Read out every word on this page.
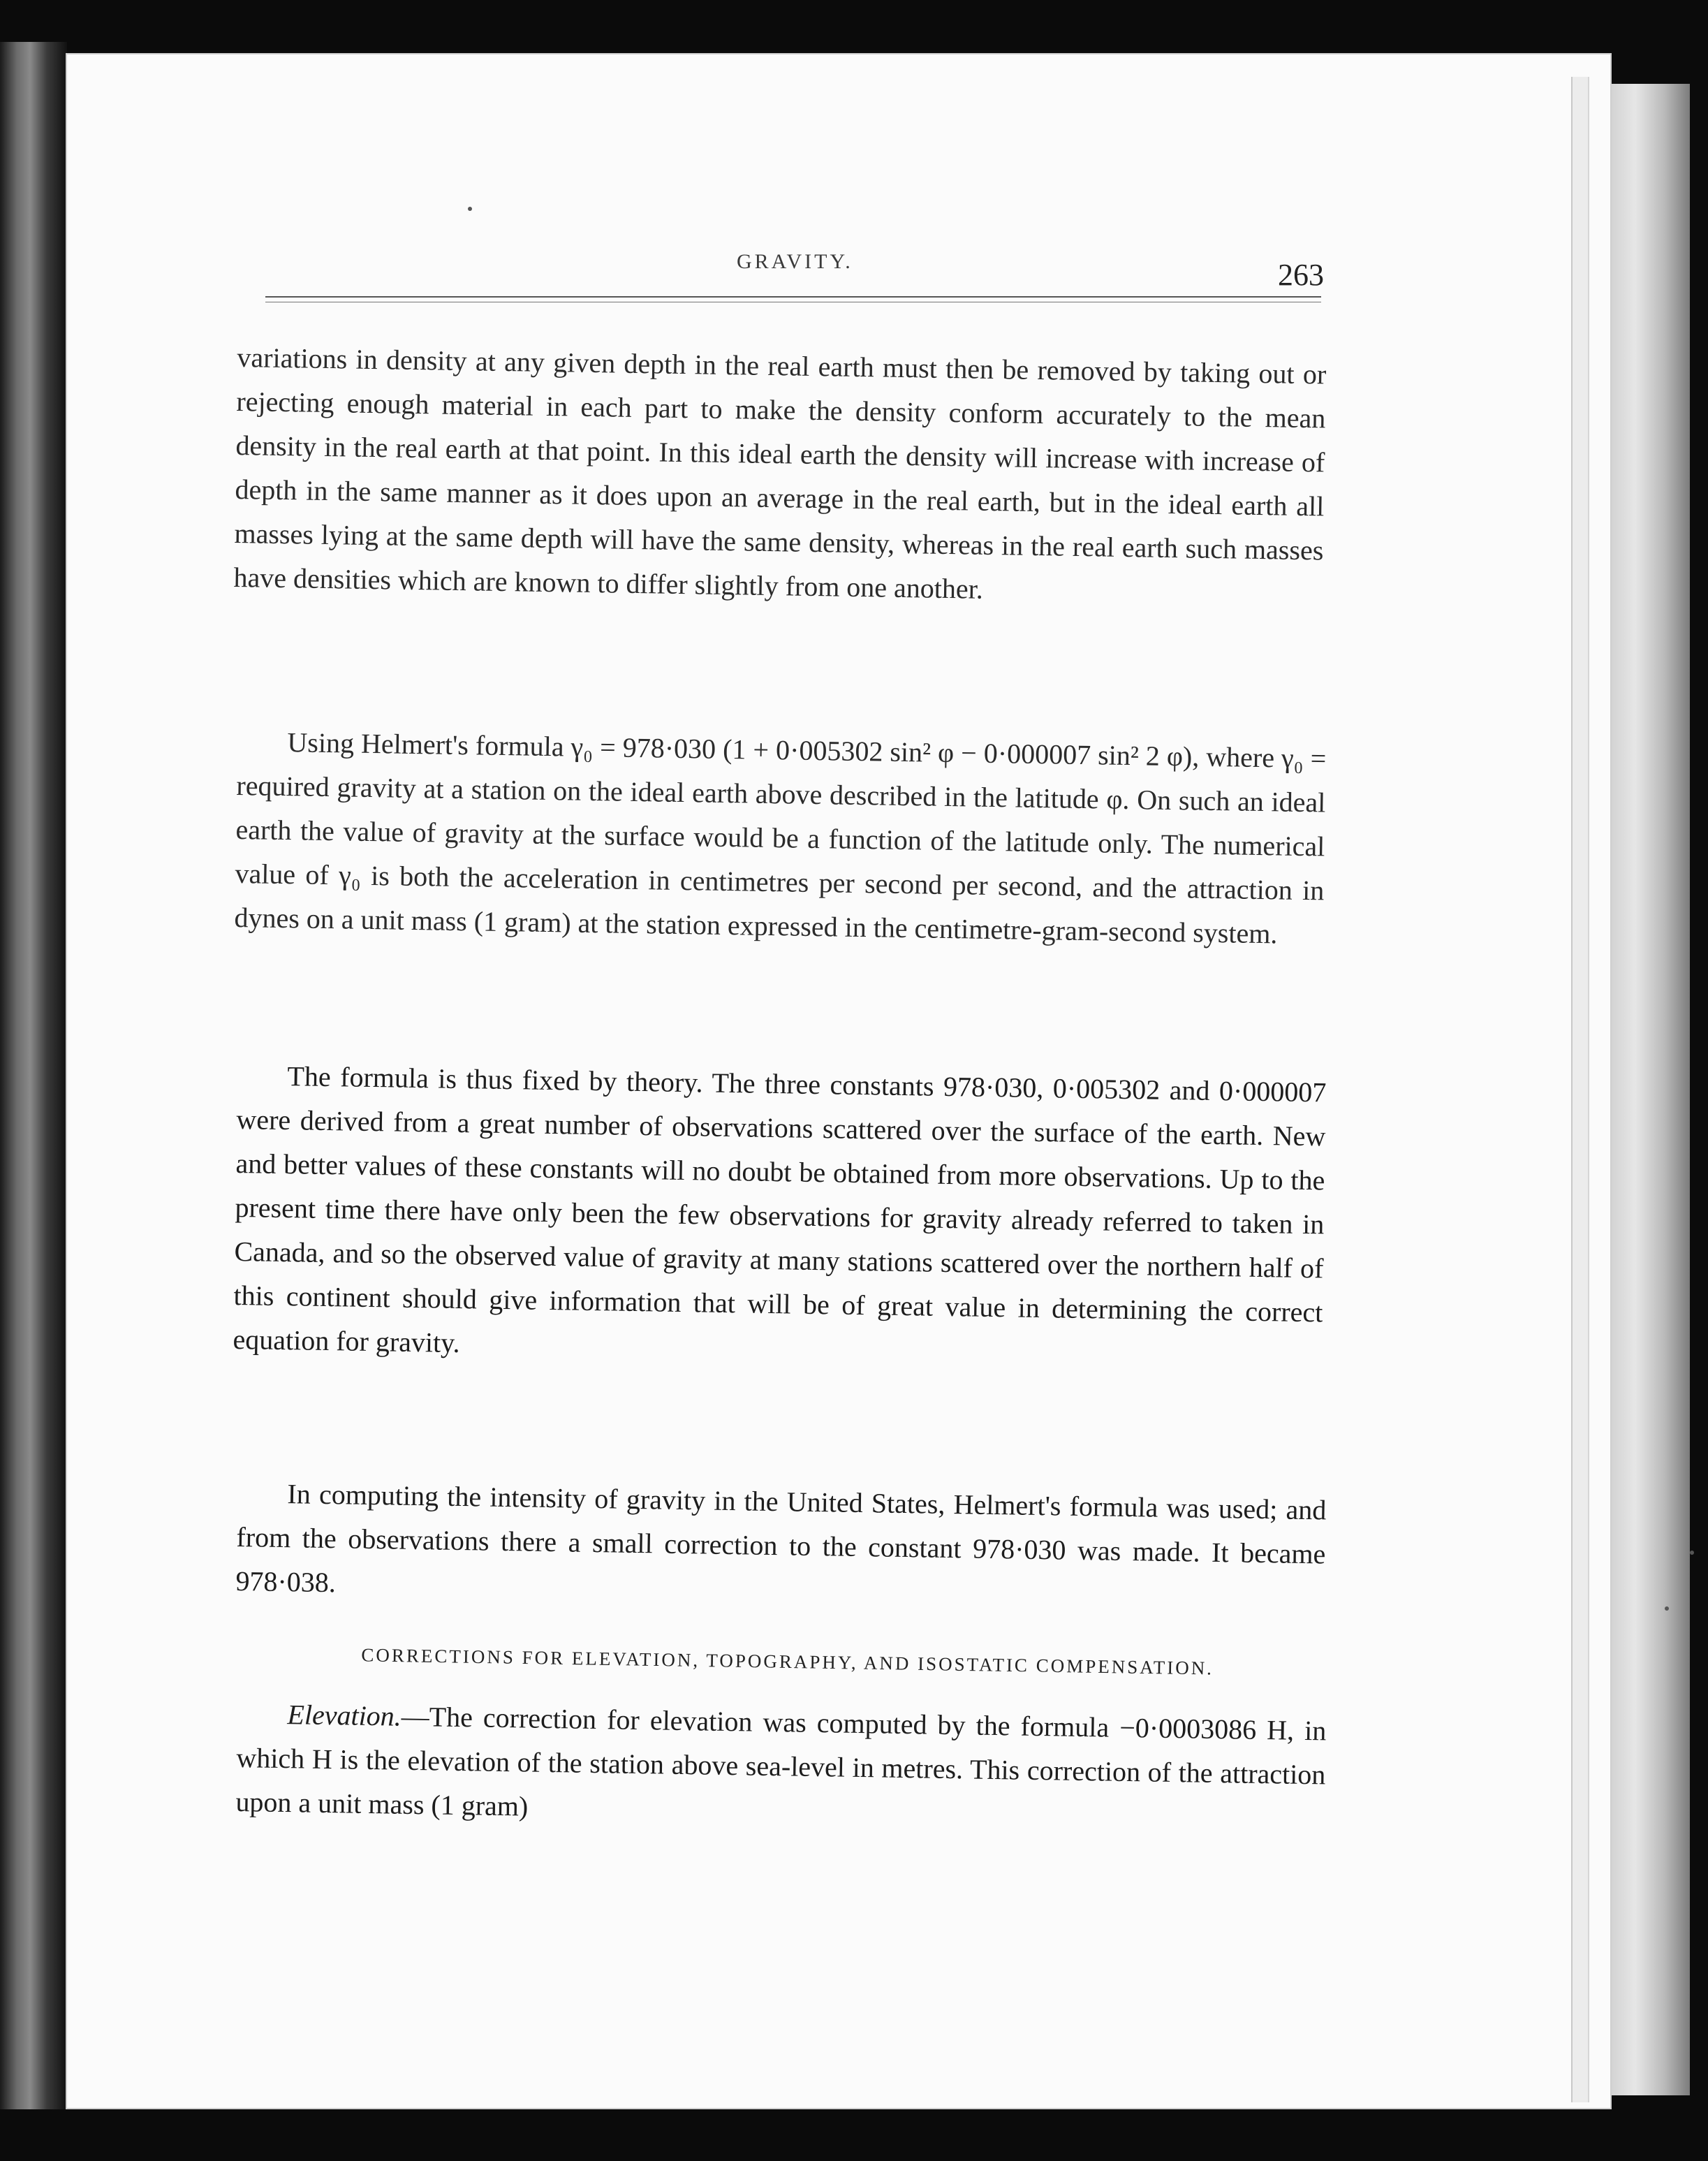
GRAVITY.	263

variations in density at any given depth in the real earth must then be removed by taking out or rejecting enough material in each part to make the density conform accurately to the mean density in the real earth at that point. In this ideal earth the density will increase with increase of depth in the same manner as it does upon an average in the real earth, but in the ideal earth all masses lying at the same depth will have the same density, whereas in the real earth such masses have densities which are known to differ slightly from one another.

Using Helmert's formula γ₀ = 978·030 (1 + 0·005302 sin² φ − 0·000007 sin² 2 φ), where γ₀ = required gravity at a station on the ideal earth above described in the latitude φ. On such an ideal earth the value of gravity at the surface would be a function of the latitude only. The numerical value of γ₀ is both the acceleration in centimetres per second per second, and the attraction in dynes on a unit mass (1 gram) at the station expressed in the centimetre-gram-second system.

The formula is thus fixed by theory. The three constants 978·030, 0·005302 and 0·000007 were derived from a great number of observations scattered over the surface of the earth. New and better values of these constants will no doubt be obtained from more observations. Up to the present time there have only been the few observations for gravity already referred to taken in Canada, and so the observed value of gravity at many stations scattered over the northern half of this continent should give information that will be of great value in determining the correct equation for gravity.

In computing the intensity of gravity in the United States, Helmert's formula was used; and from the observations there a small correction to the constant 978·030 was made. It became 978·038.

CORRECTIONS FOR ELEVATION, TOPOGRAPHY, AND ISOSTATIC COMPENSATION.

Elevation.—The correction for elevation was computed by the formula −0·0003086 H, in which H is the elevation of the station above sea-level in metres. This correction of the attraction upon a unit mass (1 gram)
